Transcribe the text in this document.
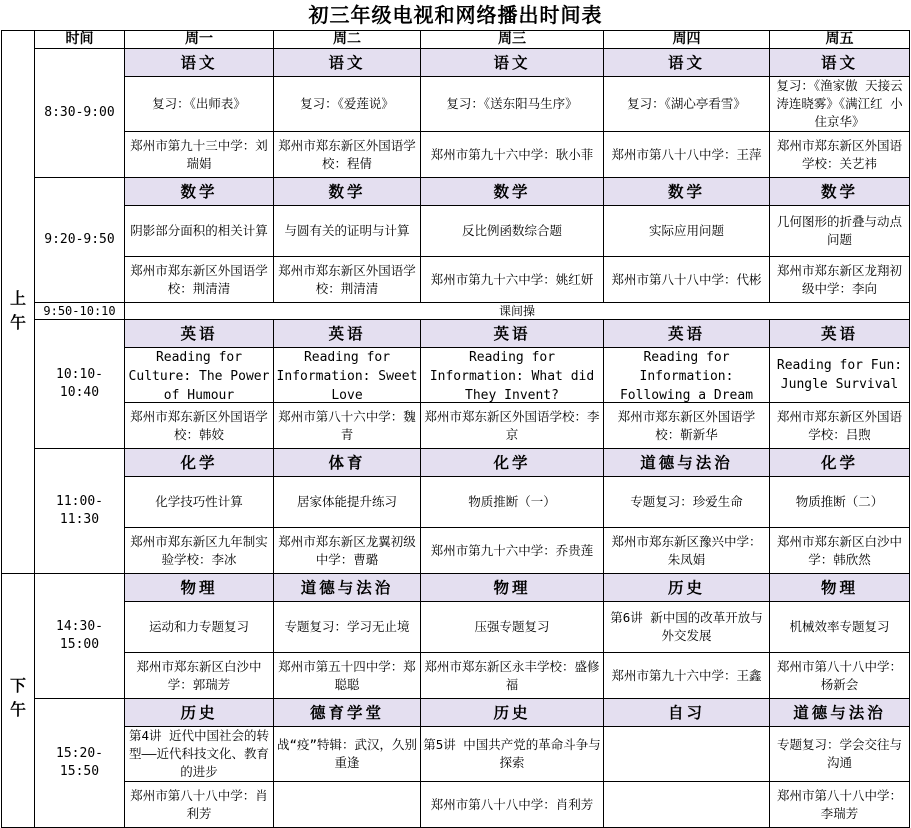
初三年级电视和网络播出时间表
	时间	周一	周二	周三	周四	周五
上
午	8:30-9:00	语文	语文	语文	语文	语文

		复习：《出师表》	复习：《爱莲说》	复习：《送东阳马生序》	复习：《湖心亭看雪》	复习：《渔家傲 天接云涛连晓雾》《满江红 小住京华》

		郑州市第九十三中学：刘瑞娟	郑州市郑东新区外国语学校：程倩	郑州市第九十六中学：耿小菲	郑州市第八十八中学：王萍	郑州市郑东新区外国语学校：关艺祎

	9:20-9:50	数学	数学	数学	数学	数学

		阴影部分面积的相关计算	与圆有关的证明与计算	反比例函数综合题	实际应用问题	几何图形的折叠与动点问题

		郑州市郑东新区外国语学校：荆清清	郑州市郑东新区外国语学校：荆清清	郑州市第九十六中学：姚红妍	郑州市第八十八中学：代彬	郑州市郑东新区龙翔初级中学：李向

	9:50-10:10	课间操				
	10:10-10:40	英语	英语	英语	英语	英语

		Reading for Culture: The Power of Humour	Reading for Information: Sweet Love	Reading for Information: What did They Invent?	Reading for Information: Following a Dream	Reading for Fun: Jungle Survival

		郑州市郑东新区外国语学校：韩姣	郑州市第八十六中学：魏青	郑州市郑东新区外国语学校：李京	郑州市郑东新区外国语学校：靳新华	郑州市郑东新区外国语学校：吕煦

	11:00-11:30	化学	体育	化学	道德与法治	化学

		化学技巧性计算	居家体能提升练习	物质推断（一）	专题复习：珍爱生命	物质推断（二）

		郑州市郑东新区九年制实验学校：李冰	郑州市郑东新区龙翼初级中学：曹璐	郑州市第九十六中学：乔贵莲	郑州市郑东新区豫兴中学：朱凤娟	郑州市郑东新区白沙中学：韩欣然

下
午	14:30-15:00	物理	道德与法治	物理	历史	物理

		运动和力专题复习	专题复习：学习无止境	压强专题复习	第6讲 新中国的改革开放与外交发展	机械效率专题复习

		郑州市郑东新区白沙中学：郭瑞芳	郑州市第五十四中学：郑聪聪	郑州市郑东新区永丰学校：盛修福	郑州市第九十六中学：王鑫	郑州市第八十八中学：杨新会

	15:20-15:50	历史	德育学堂	历史	自习	道德与法治

		第4讲 近代中国社会的转型——近代科技文化、教育的进步	战“疫”特辑：武汉，久别重逢	第5讲 中国共产党的革命斗争与探索		专题复习：学会交往与沟通

		郑州市第八十八中学：肖利芳		郑州市第八十八中学：肖利芳		郑州市第八十八中学：李瑞芳
